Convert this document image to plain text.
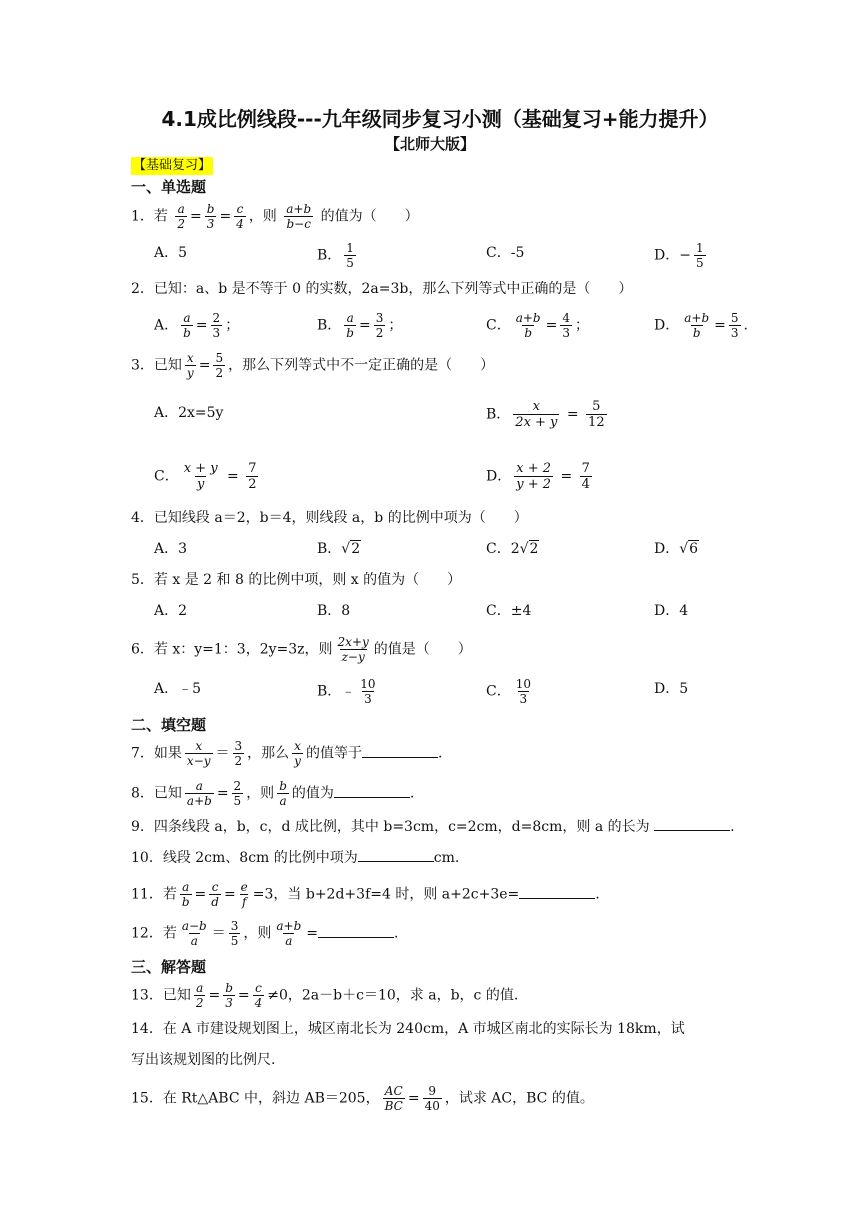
4.1成比例线段---九年级同步复习小测（基础复习+能力提升）
【北师大版】
【基础复习】
一、单选题
1．若 $\frac{a}{2} = \frac{b}{3} = \frac{c}{4}$ ，则 $\frac{a+b}{b-c}$ 的值为（　　）
A．5	B． $\frac{1}{5}$	C．-5	D．− $\frac{1}{5}$
2．已知：a、b 是不等于 0 的实数，2a=3b，那么下列等式中正确的是（　　）
A． $\frac{a}{b} = \frac{2}{3}$ ；	B． $\frac{a}{b} = \frac{3}{2}$ ；	C． $\frac{a+b}{b} = \frac{4}{3}$ ；	D． $\frac{a+b}{b} = \frac{5}{3}$ .
3．已知 $\frac{x}{y} = \frac{5}{2}$ ，那么下列等式中不一定正确的是（　　）
A．2x=5y	B． $\frac{x}{2x + y} = \frac{5}{12}$
C． $\frac{x + y}{y} = \frac{7}{2}$	D． $\frac{x + 2}{y + 2} = \frac{7}{4}$
4．已知线段 a＝2，b＝4，则线段 a，b 的比例中项为（　　）
A．3	B．√2	C．2√2	D．√6
5．若 x 是 2 和 8 的比例中项，则 x 的值为（　　）
A．2	B．8	C．±4	D．4
6．若 x：y=1：3，2y=3z，则 $\frac{2x+y}{z-y}$ 的值是（　　）
A．﹣5	B．﹣ $\frac{10}{3}$	C． $\frac{10}{3}$	D．5
二、填空题
7．如果 $\frac{x}{x-y} = \frac{3}{2}$ ，那么 $\frac{x}{y}$ 的值等于	.
8．已知 $\frac{a}{a+b} = \frac{2}{5}$ ，则 $\frac{b}{a}$ 的值为	.
9．四条线段 a，b，c，d 成比例，其中 b=3cm，c=2cm，d=8cm，则 a 的长为	.
10．线段 2cm、8cm 的比例中项为	cm.
11．若 $\frac{a}{b} = \frac{c}{d} = \frac{e}{f} =3$，当 b+2d+3f=4 时，则 a+2c+3e=	.
12．若 $\frac{a-b}{a} = \frac{3}{5}$ ，则 $\frac{a+b}{a}$ =	.
三、解答题
13．已知 $\frac{a}{2} = \frac{b}{3} = \frac{c}{4} \ne 0$，2a－b＋c＝10，求 a，b，c 的值.
14．在 A 市建设规划图上，城区南北长为 240cm，A 市城区南北的实际长为 18km，试
写出该规划图的比例尺.
15．在 Rt△ABC 中，斜边 AB＝205， $\frac{AC}{BC} = \frac{9}{40}$ ，试求 AC，BC 的值。
